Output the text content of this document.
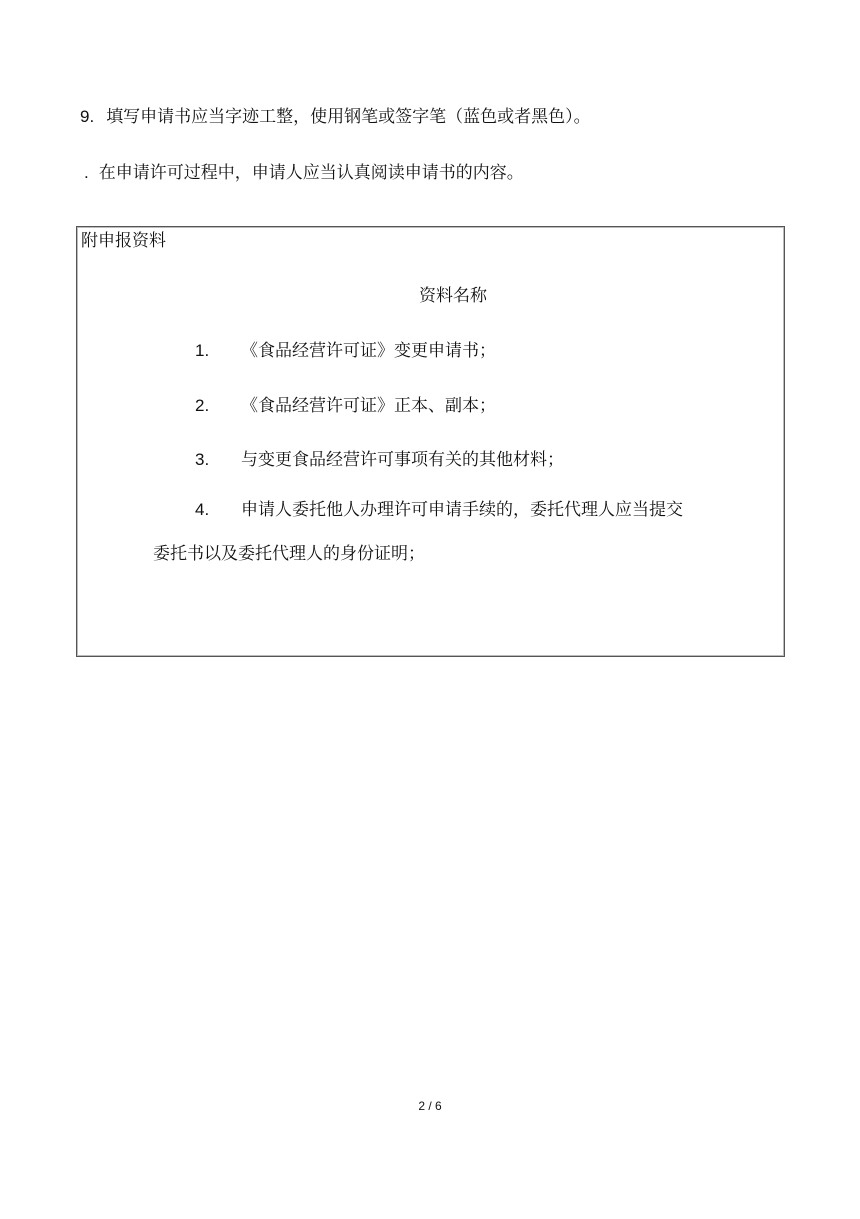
9. 填写申请书应当字迹工整，使用钢笔或签字笔（蓝色或者黑色）。
. 在申请许可过程中，申请人应当认真阅读申请书的内容。
附申报资料
资料名称
1. 《食品经营许可证》变更申请书；
2. 《食品经营许可证》正本、副本；
3. 与变更食品经营许可事项有关的其他材料；
4. 申请人委托他人办理许可申请手续的，委托代理人应当提交
委托书以及委托代理人的身份证明；
2 / 6
